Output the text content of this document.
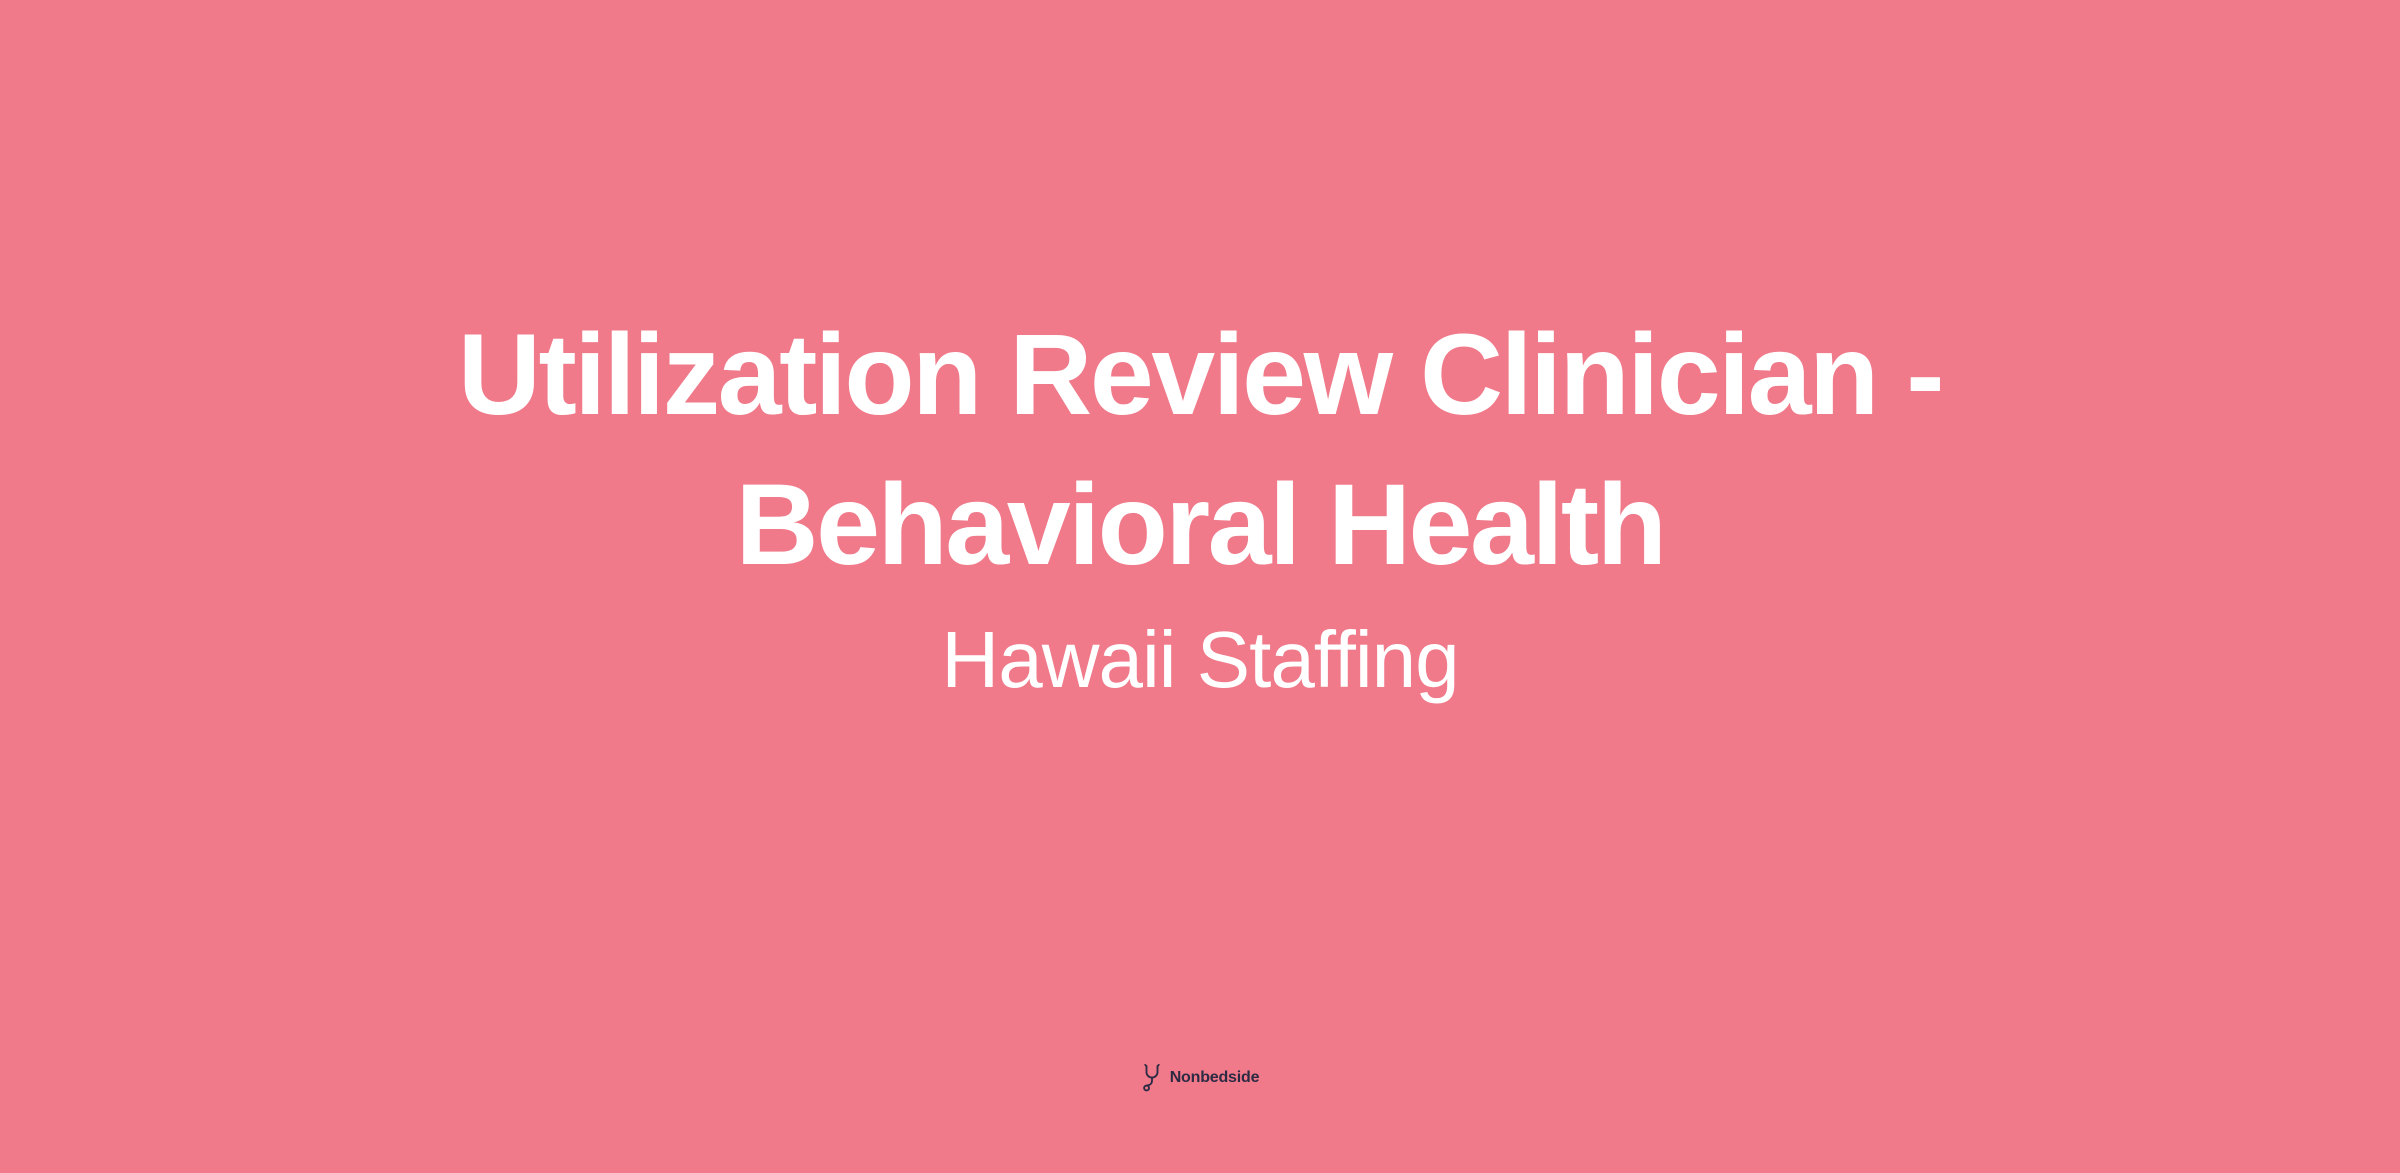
Utilization Review Clinician - Behavioral Health
Hawaii Staffing
Nonbedside
